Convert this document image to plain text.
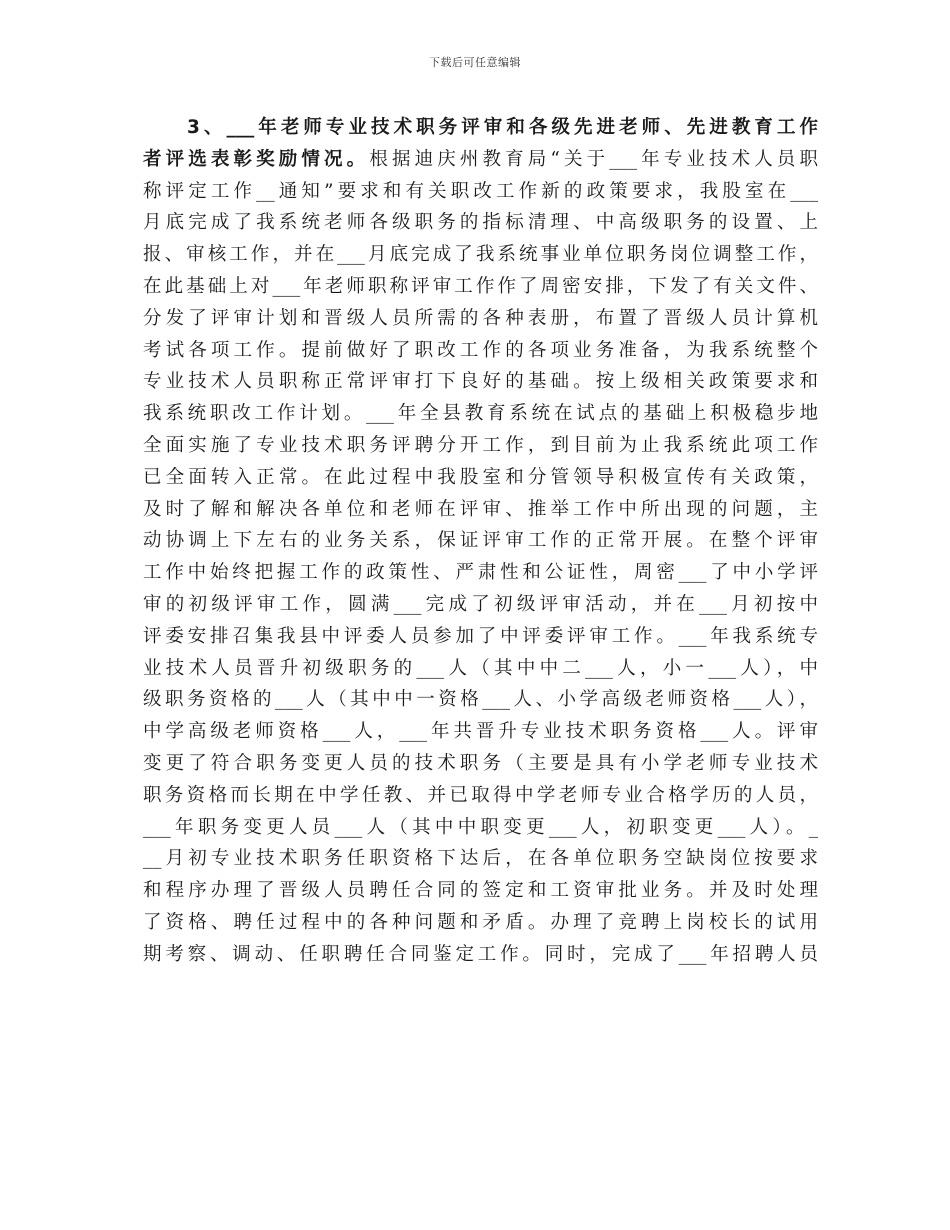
下载后可任意编辑
3、___年老师专业技术职务评审和各级先进老师、先进教育工作
者评选表彰奖励情况。根据迪庆州教育局“关于___年专业技术人员职
称评定工作__通知”要求和有关职改工作新的政策要求，我股室在___
月底完成了我系统老师各级职务的指标清理、中高级职务的设置、上
报、审核工作，并在___月底完成了我系统事业单位职务岗位调整工作，
在此基础上对___年老师职称评审工作作了周密安排，下发了有关文件、
分发了评审计划和晋级人员所需的各种表册，布置了晋级人员计算机
考试各项工作。提前做好了职改工作的各项业务准备，为我系统整个
专业技术人员职称正常评审打下良好的基础。按上级相关政策要求和
我系统职改工作计划。___年全县教育系统在试点的基础上积极稳步地
全面实施了专业技术职务评聘分开工作，到目前为止我系统此项工作
已全面转入正常。在此过程中我股室和分管领导积极宣传有关政策，
及时了解和解决各单位和老师在评审、推举工作中所出现的问题，主
动协调上下左右的业务关系，保证评审工作的正常开展。在整个评审
工作中始终把握工作的政策性、严肃性和公证性，周密___了中小学评
审的初级评审工作，圆满___完成了初级评审活动，并在___月初按中
评委安排召集我县中评委人员参加了中评委评审工作。___年我系统专
业技术人员晋升初级职务的___人（其中中二___人，小一___人），中
级职务资格的___人（其中中一资格___人、小学高级老师资格___人），
中学高级老师资格___人，___年共晋升专业技术职务资格___人。评审
变更了符合职务变更人员的技术职务（主要是具有小学老师专业技术
职务资格而长期在中学任教、并已取得中学老师专业合格学历的人员，
___年职务变更人员___人（其中中职变更___人，初职变更___人）。_
__月初专业技术职务任职资格下达后，在各单位职务空缺岗位按要求
和程序办理了晋级人员聘任合同的签定和工资审批业务。并及时处理
了资格、聘任过程中的各种问题和矛盾。办理了竞聘上岗校长的试用
期考察、调动、任职聘任合同鉴定工作。同时，完成了___年招聘人员
